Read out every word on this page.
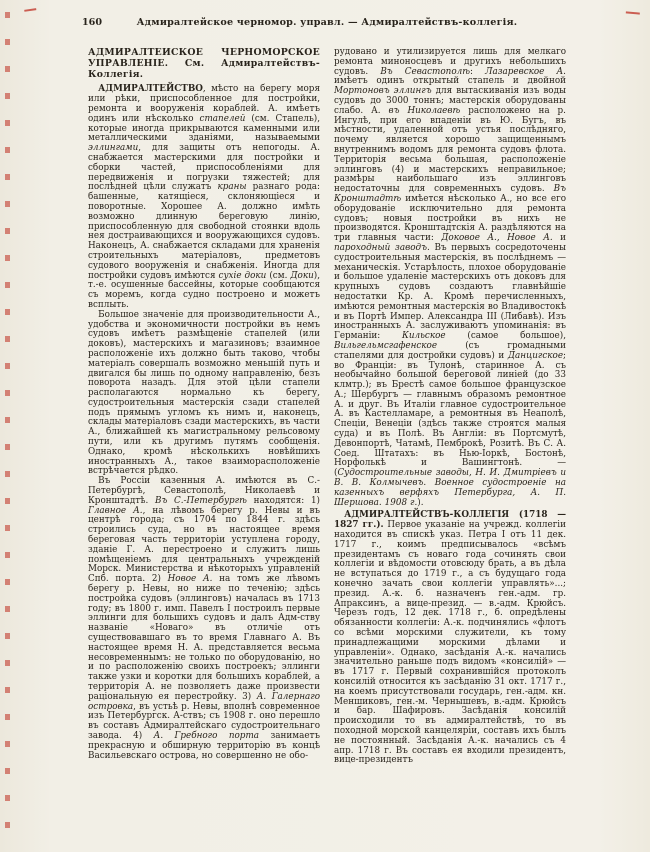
160	Адмиралтейское черномор. управл. — Адмиралтействъ-коллегія.

АДМИРАЛТЕЙСКОЕ ЧЕРНОМОРСКОЕ УПРАВЛЕНІЕ. См. Адмиралтействъ-Коллегія.

АДМИРАЛТЕЙСТВО, мѣсто на берегу моря или рѣки, приспособленное для постройки, ремонта и вооруженія кораблей. А. имѣетъ одинъ или нѣсколько стапелей (см. Стапель), которые иногда прикрываются каменными или металлическими зданіями, называемыми эллингами, для защиты отъ непогоды. А. снабжается мастерскими для постройки и сборки частей, приспособленіями для передвиженія и погрузки тяжестей; для послѣдней цѣли служатъ краны разнаго рода: башенные, катящіеся, склоняющіеся и поворотные. Хорошее А. должно имѣть возможно длинную береговую линію, приспособленную для свободной стоянки вдоль нея достраивающихся и вооружающихся судовъ. Наконецъ, А. снабжается складами для храненія строительныхъ матеріаловъ, предметовъ судового вооруженія и снабженія. Иногда для постройки судовъ имѣются сухіе доки (см. Доки), т.-е. осушенные бассейны, которые сообщаются съ моремъ, когда судно построено и можетъ всплыть.

Большое значеніе для производительности А., удобства и экономичности постройки въ немъ судовъ имѣетъ размѣщеніе стапелей (или доковъ), мастерскихъ и магазиновъ; взаимное расположеніе ихъ должно быть таково, чтобы матеріалъ совершалъ возможно меньшій путь и двигался бы лишь по одному направленію, безъ поворота назадъ. Для этой цѣли стапели располагаются нормально къ берегу, судостроительныя мастерскія сзади стапелей подъ прямымъ угломъ къ нимъ и, наконецъ, склады матеріаловъ сзади мастерскихъ, въ части А., ближайшей къ магистральному рельсовому пути, или къ другимъ путямъ сообщенія. Однако, кромѣ нѣсколькихъ новѣйшихъ иностранныхъ А., такое взаиморасположеніе встрѣчается рѣдко.

Въ Россіи казенныя А. имѣются въ С.-Петербургѣ, Севастополѣ, Николаевѣ и Кронштадтѣ. Въ С.-Петербургѣ находятся: 1) Главное А., на лѣвомъ берегу р. Невы и въ центрѣ города; съ 1704 по 1844 г. здѣсь строились суда, но въ настоящее время береговая часть территоріи уступлена городу, зданіе Г. А. перестроено и служитъ лишь помѣщеніемъ для центральныхъ учрежденій Морск. Министерства и нѣкоторыхъ управленій Спб. порта. 2) Новое А. на томъ же лѣвомъ берегу р. Невы, но ниже по теченію; здѣсь постройка судовъ (эллинговъ) началась въ 1713 году; въ 1800 г. имп. Павелъ I построилъ первые эллинги для большихъ судовъ и далъ Адм-ству названіе «Новаго» въ отличіе отъ существовавшаго въ то время Главнаго А. Въ настоящее время Н. А. представляется весьма несовременнымъ: не только по оборудованію, но и по расположенію своихъ построекъ; эллинги также узки и коротки для большихъ кораблей, а территорія А. не позволяетъ даже произвести раціональную ея перестройку. 3) А. Галернаго островка, въ устьѣ р. Невы, вполнѣ современное изъ Петербургск. А-ствъ; съ 1908 г. оно перешло въ составъ Адмиралтейскаго судостроительнаго завода. 4) А. Гребного порта занимаетъ прекрасную и обширную территорію въ концѣ Васильевскаго острова, но совершенно не обо-

рудовано и утилизируется лишь для мелкаго ремонта миноносцевъ и другихъ небольшихъ судовъ. Въ Севастополѣ: Лазаревское А. имѣетъ одинъ открытый стапель и двойной Мортоновъ эллингъ для вытаскиванія изъ воды судовъ до 3000 тоннъ; мастерскія оборудованы слабо. А. въ Николаевѣ расположено на р. Ингулѣ, при его впаденіи въ Ю. Бугъ, въ мѣстности, удаленной отъ устья послѣдняго, почему является хорошо защищеннымъ внутреннимъ водомъ для ремонта судовъ флота. Территорія весьма большая, расположеніе эллинговъ (4) и мастерскихъ неправильное; размѣры наибольшаго изъ эллинговъ недостаточны для современныхъ судовъ. Въ Кронштадтѣ имѣется нѣсколько А., но все его оборудованіе исключительно для ремонта судовъ; новыя постройки въ нихъ не производятся. Кронштадтскія А. раздѣляются на три главныя части: Доковое А., Новое А. и пароходный заводъ. Въ первыхъ сосредоточены судостроительныя мастерскія, въ послѣднемъ — механическія. Устарѣлость, плохое оборудованіе и большое удаленіе мастерскихъ отъ доковъ для крупныхъ судовъ создаютъ главнѣйшіе недостатки Кр. А. Кромѣ перечисленныхъ, имѣются ремонтныя мастерскія во Владивостокѣ и въ Портѣ Импер. Александра III (Либавѣ). Изъ иностранныхъ А. заслуживаютъ упоминанія: въ Германіи: Кильское (самое большое), Вильгельмсгафенское (съ громадными стапелями для достройки судовъ) и Данцигское; во Франціи: въ Тулонѣ, старинное А. съ необычайно большой береговой линіей (до 33 клмтр.); въ Брестѣ самое большое французское А.; Шербургъ — главнымъ образомъ ремонтное А. и друг. Въ Италіи главное судостроительное А. въ Кастелламаре, а ремонтныя въ Неаполѣ, Спеціи, Венеціи (здѣсь также строятся малыя суда) и въ Полѣ. Въ Англіи: въ Портсмутѣ, Девонпортѣ, Чатамѣ, Пемброкѣ, Розитѣ. Въ С. А. Соед. Штатахъ: въ Нью-Іоркѣ, Бостонѣ, Норфолькѣ и Вашингтонѣ. — (Судостроительные заводы, Н. И. Дмитріевъ и В. В. Колмычевъ. Военное судостроеніе на казенныхъ верфяхъ Петербурга, А. П. Шершова. 1908 г.).

АДМИРАЛТЕЙСТВЪ-КОЛЛЕГІЯ (1718 — 1827 гг.). Первое указаніе на учрежд. коллегіи находится въ спискѣ указ. Петра I отъ 11 дек. 1717 г., коимъ предписывалось «всѣмъ президентамъ съ новаго года сочинять свои коллегіи и вѣдомости отовсюду брать, а въ дѣла не вступаться до 1719 г., а съ будущаго года конечно зачать свои коллегіи управлять»...; презид. А.-к. б. назначенъ ген.-адм. гр. Апраксинъ, а вице-презид. — в.-адм. Крюйсъ. Черезъ годъ, 12 дек. 1718 г., б. опредѣлены обязанности коллегіи: А.-к. подчинялись «флотъ со всѣми морскими служители, къ тому принадлежащими морскими дѣлами и управленіи». Однако, засѣданія А.-к. начались значительно раньше подъ видомъ «консилій» — въ 1717 г. Первый сохранившійся протоколъ консилій относится къ засѣданію 31 окт. 1717 г., на коемъ присутствовали государь, ген.-адм. кн. Меншиковъ, ген.-м. Чернышевъ, в.-адм. Крюйсъ и бар. Шафировъ. Засѣданія консилій происходили то въ адмиралтействѣ, то въ походной морской канцеляріи, составъ ихъ былъ не постоянный. Засѣданія А.-к. начались съ 4 апр. 1718 г. Въ составъ ея входили президентъ, вице-президентъ
